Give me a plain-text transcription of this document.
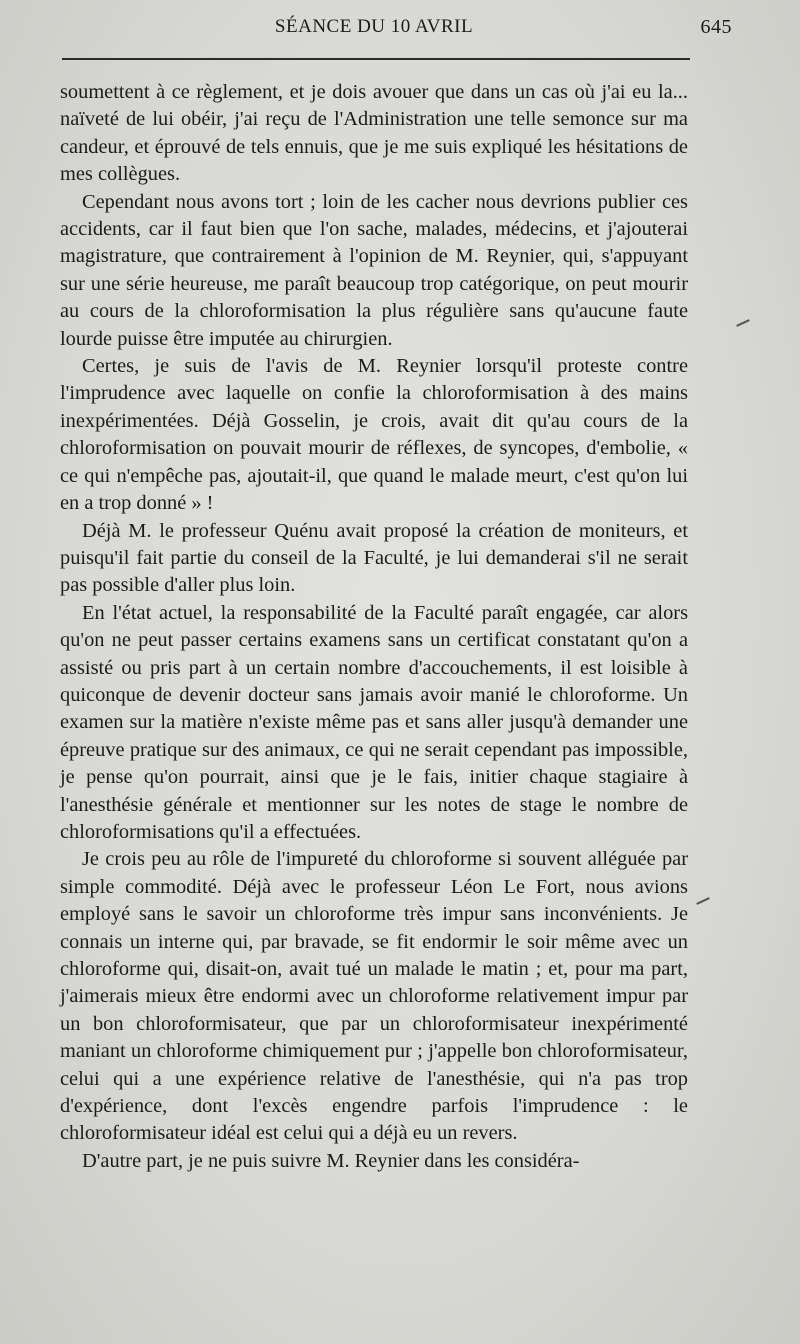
SÉANCE DU 10 AVRIL	645

soumettent à ce règlement, et je dois avouer que dans un cas où j'ai eu la... naïveté de lui obéir, j'ai reçu de l'Administration une telle semonce sur ma candeur, et éprouvé de tels ennuis, que je me suis expliqué les hésitations de mes collègues.

Cependant nous avons tort ; loin de les cacher nous devrions publier ces accidents, car il faut bien que l'on sache, malades, médecins, et j'ajouterai magistrature, que contrairement à l'opinion de M. Reynier, qui, s'appuyant sur une série heureuse, me paraît beaucoup trop catégorique, on peut mourir au cours de la chloroformisation la plus régulière sans qu'aucune faute lourde puisse être imputée au chirurgien.

Certes, je suis de l'avis de M. Reynier lorsqu'il proteste contre l'imprudence avec laquelle on confie la chloroformisation à des mains inexpérimentées. Déjà Gosselin, je crois, avait dit qu'au cours de la chloroformisation on pouvait mourir de réflexes, de syncopes, d'embolie, « ce qui n'empêche pas, ajoutait-il, que quand le malade meurt, c'est qu'on lui en a trop donné » !

Déjà M. le professeur Quénu avait proposé la création de moniteurs, et puisqu'il fait partie du conseil de la Faculté, je lui demanderai s'il ne serait pas possible d'aller plus loin.

En l'état actuel, la responsabilité de la Faculté paraît engagée, car alors qu'on ne peut passer certains examens sans un certificat constatant qu'on a assisté ou pris part à un certain nombre d'accouchements, il est loisible à quiconque de devenir docteur sans jamais avoir manié le chloroforme. Un examen sur la matière n'existe même pas et sans aller jusqu'à demander une épreuve pratique sur des animaux, ce qui ne serait cependant pas impossible, je pense qu'on pourrait, ainsi que je le fais, initier chaque stagiaire à l'anesthésie générale et mentionner sur les notes de stage le nombre de chloroformisations qu'il a effectuées.

Je crois peu au rôle de l'impureté du chloroforme si souvent alléguée par simple commodité. Déjà avec le professeur Léon Le Fort, nous avions employé sans le savoir un chloroforme très impur sans inconvénients. Je connais un interne qui, par bravade, se fit endormir le soir même avec un chloroforme qui, disait-on, avait tué un malade le matin ; et, pour ma part, j'aimerais mieux être endormi avec un chloroforme relativement impur par un bon chloroformisateur, que par un chloroformisateur inexpérimenté maniant un chloroforme chimiquement pur ; j'appelle bon chloroformisateur, celui qui a une expérience relative de l'anesthésie, qui n'a pas trop d'expérience, dont l'excès engendre parfois l'imprudence : le chloroformisateur idéal est celui qui a déjà eu un revers.

D'autre part, je ne puis suivre M. Reynier dans les considéra-
